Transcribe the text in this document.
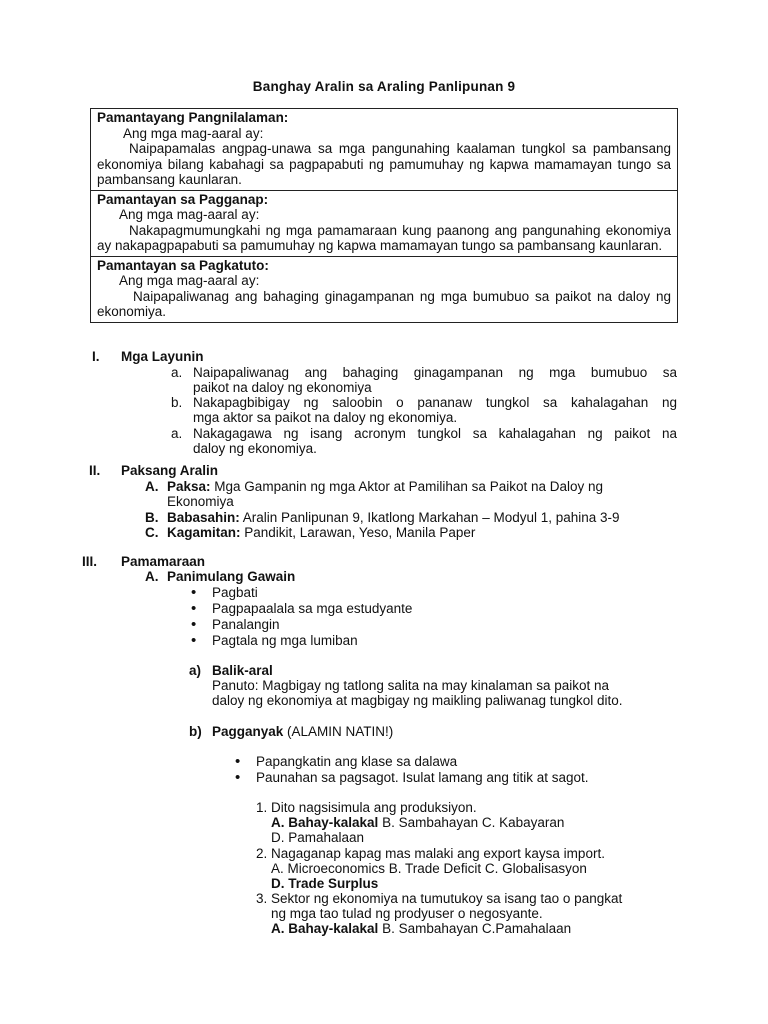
Banghay Aralin sa Araling Panlipunan 9
Pamantayang Pangnilalaman:
Ang mga mag-aaral ay:
Naipapamalas angpag-unawa sa mga pangunahing kaalaman tungkol sa pambansang ekonomiya bilang kabahagi sa pagpapabuti ng pamumuhay ng kapwa mamamayan tungo sa pambansang kaunlaran.
Pamantayan sa Pagganap:
Ang mga mag-aaral ay:
Nakapagmumungkahi ng mga pamamaraan kung paanong ang pangunahing ekonomiya ay nakapagpapabuti sa pamumuhay ng kapwa mamamayan tungo sa pambansang kaunlaran.
Pamantayan sa Pagkatuto:
Ang mga mag-aaral ay:
Naipapaliwanag ang bahaging ginagampanan ng mga bumubuo sa paikot na daloy ng ekonomiya.
I. Mga Layunin
a. Naipapaliwanag ang bahaging ginagampanan ng mga bumubuo sa
paikot na daloy ng ekonomiya
b. Nakapagbibigay ng saloobin o pananaw tungkol sa kahalagahan ng
mga aktor sa paikot na daloy ng ekonomiya.
a. Nakagagawa ng isang acronym tungkol sa kahalagahan ng paikot na
daloy ng ekonomiya.
II. Paksang Aralin
A. Paksa: Mga Gampanin ng mga Aktor at Pamilihan sa Paikot na Daloy ng
Ekonomiya
B. Babasahin: Aralin Panlipunan 9, Ikatlong Markahan – Modyul 1, pahina 3-9
C. Kagamitan: Pandikit, Larawan, Yeso, Manila Paper
III. Pamamaraan
A. Panimulang Gawain
• Pagbati
• Pagpapaalala sa mga estudyante
• Panalangin
• Pagtala ng mga lumiban
a) Balik-aral
Panuto: Magbigay ng tatlong salita na may kinalaman sa paikot na
daloy ng ekonomiya at magbigay ng maikling paliwanag tungkol dito.
b) Pagganyak (ALAMIN NATIN!)
• Papangkatin ang klase sa dalawa
• Paunahan sa pagsagot. Isulat lamang ang titik at sagot.
1. Dito nagsisimula ang produksiyon.
A. Bahay-kalakal B. Sambahayan C. Kabayaran
D. Pamahalaan
2. Nagaganap kapag mas malaki ang export kaysa import.
A. Microeconomics B. Trade Deficit C. Globalisasyon
D. Trade Surplus
3. Sektor ng ekonomiya na tumutukoy sa isang tao o pangkat
ng mga tao tulad ng prodyuser o negosyante.
A. Bahay-kalakal B. Sambahayan C.Pamahalaan
